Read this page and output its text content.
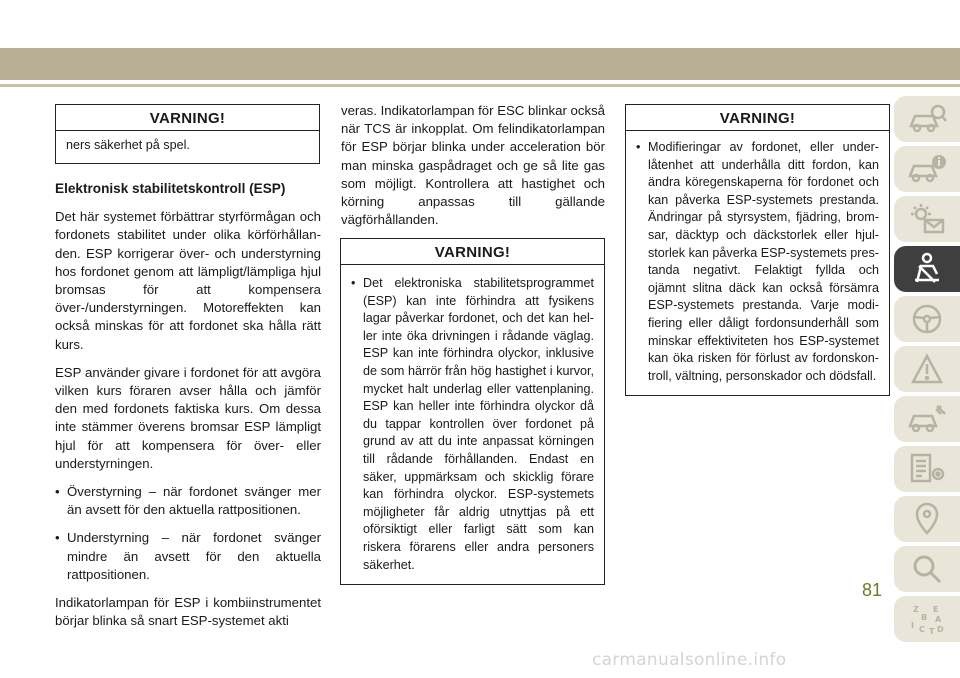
VARNING!
ners säkerhet på spel.
Elektronisk stabilitetskontroll (ESP)

Det här systemet förbättrar styrförmågan och fordonets stabilitet under olika körförhållanden. ESP korrigerar över- och understyrning hos fordonet genom att lämpligt/lämpliga hjul bromsas för att kompensera över-/understyrningen. Motoreffekten kan också minskas för att fordonet ska hålla rätt kurs.

ESP använder givare i fordonet för att avgöra vilken kurs föraren avser hålla och jämför den med fordonets faktiska kurs. Om dessa inte stämmer överens bromsar ESP lämpligt hjul för att kompensera för över- eller understyrningen.

• Överstyrning – när fordonet svänger mer än avsett för den aktuella rattpositionen.
• Understyrning – när fordonet svänger mindre än avsett för den aktuella rattpositionen.

Indikatorlampan för ESP i kombiinstrumentet börjar blinka så snart ESP-systemet akti

veras. Indikatorlampan för ESC blinkar också när TCS är inkopplat. Om felindikatorlampan för ESP börjar blinka under acceleration bör man minska gaspådraget och ge så lite gas som möjligt. Kontrollera att hastighet och körning anpassas till gällande vägförhållanden.

VARNING!
• Det elektroniska stabilitetsprogrammet (ESP) kan inte förhindra att fysikens lagar påverkar fordonet, och det kan heller inte öka drivningen i rådande väglag. ESP kan inte förhindra olyckor, inklusive de som härrör från hög hastighet i kurvor, mycket halt underlag eller vattenplaning. ESP kan heller inte förhindra olyckor då du tappar kontrollen över fordonet på grund av att du inte anpassat körningen till rådande förhållanden. Endast en säker, uppmärksam och skicklig förare kan förhindra olyckor. ESP-systemets möjligheter får aldrig utnyttjas på ett oförsiktigt eller farligt sätt som kan riskera förarens eller andra personers säkerhet.
VARNING!
• Modifieringar av fordonet, eller underlåtenhet att underhålla ditt fordon, kan ändra köregenskaperna för fordonet och kan påverka ESP-systemets prestanda. Ändringar på styrsystem, fjädring, bromsar, däcktyp och däckstorlek eller hjulstorlek kan påverka ESP-systemets prestanda negativt. Felaktigt fyllda och ojämnt slitna däck kan också försämra ESP-systemets prestanda. Varje modifiering eller dåligt fordonsunderhåll som minskar effektiviteten hos ESP-systemet kan öka risken för förlust av fordonskontroll, vältning, personskador och dödsfall.
Z E
B A
I C T D
81
carmanualsonline.info
